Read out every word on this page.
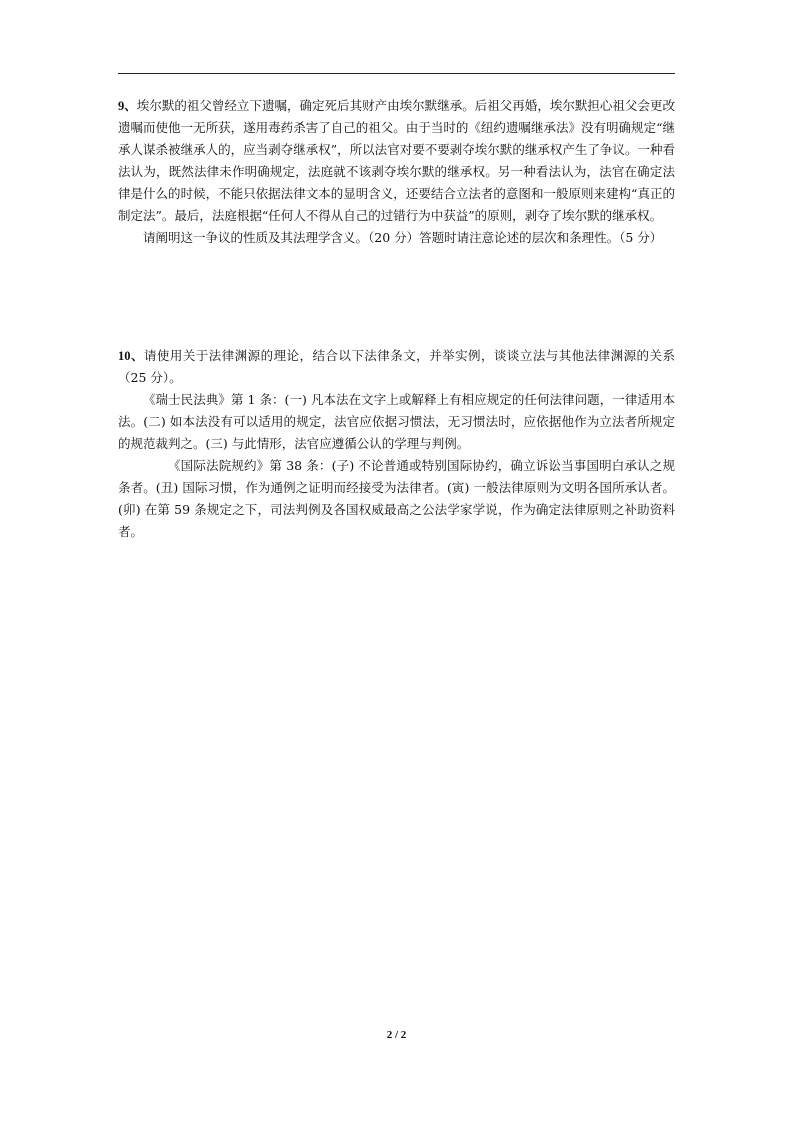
9、埃尔默的祖父曾经立下遗嘱，确定死后其财产由埃尔默继承。后祖父再婚，埃尔默担心祖父会更改遗嘱而使他一无所获，遂用毒药杀害了自己的祖父。由于当时的《纽约遗嘱继承法》没有明确规定“继承人谋杀被继承人的，应当剥夺继承权”，所以法官对要不要剥夺埃尔默的继承权产生了争议。一种看法认为，既然法律未作明确规定，法庭就不该剥夺埃尔默的继承权。另一种看法认为，法官在确定法律是什么的时候，不能只依据法律文本的显明含义，还要结合立法者的意图和一般原则来建构“真正的制定法”。最后，法庭根据“任何人不得从自己的过错行为中获益”的原则，剥夺了埃尔默的继承权。

请阐明这一争议的性质及其法理学含义。（20 分）答题时请注意论述的层次和条理性。（5 分）

10、请使用关于法律渊源的理论，结合以下法律条文，并举实例，谈谈立法与其他法律渊源的关系（25 分）。

《瑞士民法典》第 1 条：(一) 凡本法在文字上或解释上有相应规定的任何法律问题，一律适用本法。(二) 如本法没有可以适用的规定，法官应依据习惯法，无习惯法时，应依据他作为立法者所规定的规范裁判之。(三) 与此情形，法官应遵循公认的学理与判例。

《国际法院规约》第 38 条：(子) 不论普通或特别国际协约，确立诉讼当事国明白承认之规条者。(丑) 国际习惯，作为通例之证明而经接受为法律者。(寅) 一般法律原则为文明各国所承认者。(卯) 在第 59 条规定之下，司法判例及各国权威最高之公法学家学说，作为确定法律原则之补助资料者。

2 / 2
